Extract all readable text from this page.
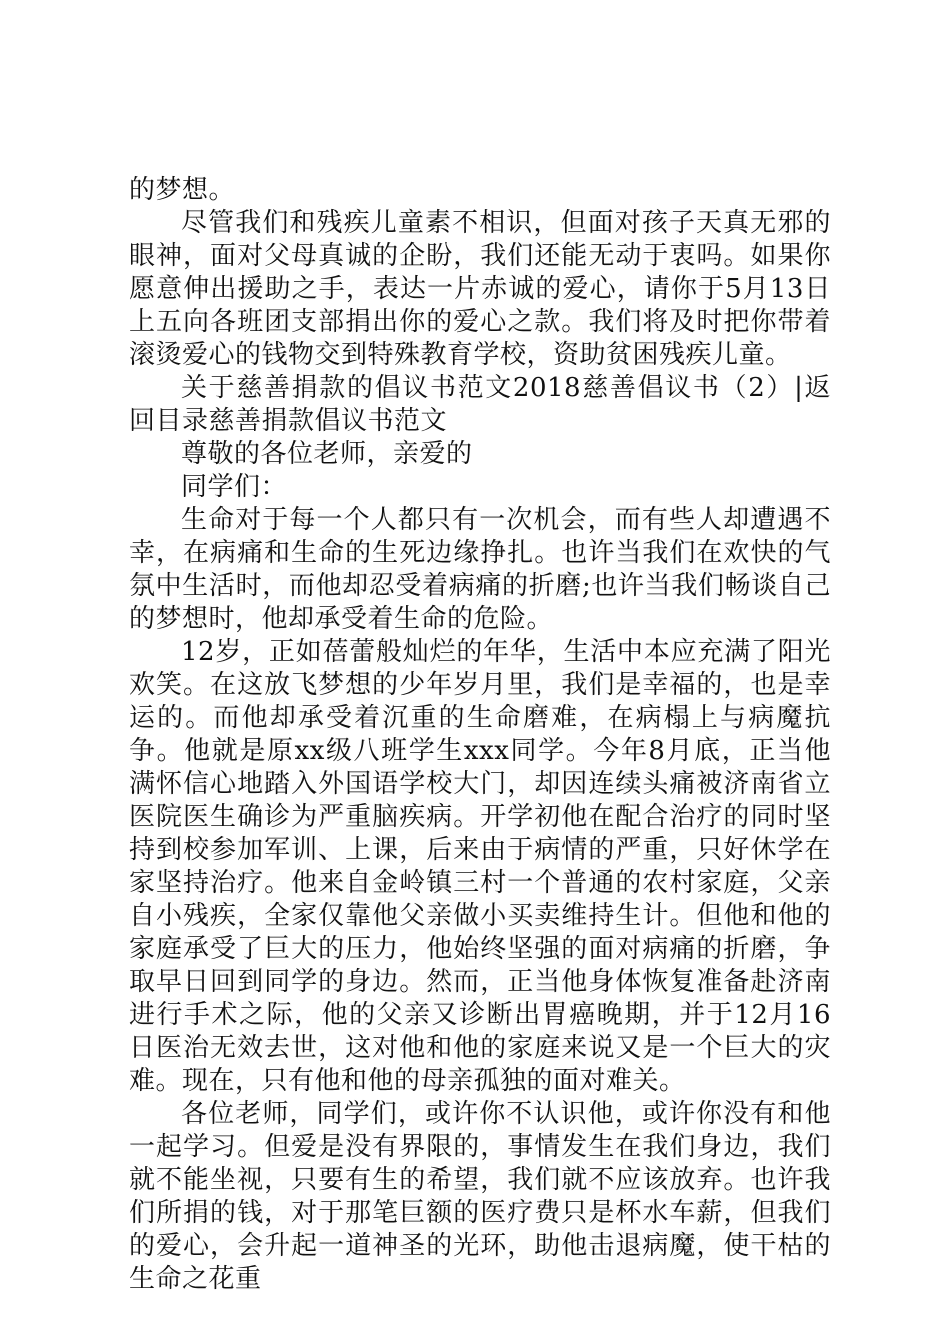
的梦想。

尽管我们和残疾儿童素不相识，但面对孩子天真无邪的眼神，面对父母真诚的企盼，我们还能无动于衷吗。如果你愿意伸出援助之手，表达一片赤诚的爱心，请你于5月13日上五向各班团支部捐出你的爱心之款。我们将及时把你带着滚烫爱心的钱物交到特殊教育学校，资助贫困残疾儿童。

关于慈善捐款的倡议书范文2018慈善倡议书（2）|返回目录慈善捐款倡议书范文

尊敬的各位老师，亲爱的

同学们：

生命对于每一个人都只有一次机会，而有些人却遭遇不幸，在病痛和生命的生死边缘挣扎。也许当我们在欢快的气氛中生活时，而他却忍受着病痛的折磨;也许当我们畅谈自己的梦想时，他却承受着生命的危险。

12岁，正如蓓蕾般灿烂的年华，生活中本应充满了阳光欢笑。在这放飞梦想的少年岁月里，我们是幸福的，也是幸运的。而他却承受着沉重的生命磨难，在病榻上与病魔抗争。他就是原xx级八班学生xxx同学。今年8月底，正当他满怀信心地踏入外国语学校大门，却因连续头痛被济南省立医院医生确诊为严重脑疾病。开学初他在配合治疗的同时坚持到校参加军训、上课，后来由于病情的严重，只好休学在家坚持治疗。他来自金岭镇三村一个普通的农村家庭，父亲自小残疾，全家仅靠他父亲做小买卖维持生计。但他和他的家庭承受了巨大的压力，他始终坚强的面对病痛的折磨，争取早日回到同学的身边。然而，正当他身体恢复准备赴济南进行手术之际，他的父亲又诊断出胃癌晚期，并于12月16日医治无效去世，这对他和他的家庭来说又是一个巨大的灾难。现在，只有他和他的母亲孤独的面对难关。

各位老师，同学们，或许你不认识他，或许你没有和他一起学习。但爱是没有界限的，事情发生在我们身边，我们就不能坐视，只要有生的希望，我们就不应该放弃。也许我们所捐的钱，对于那笔巨额的医疗费只是杯水车薪，但我们的爱心，会升起一道神圣的光环，助他击退病魔，使干枯的生命之花重
